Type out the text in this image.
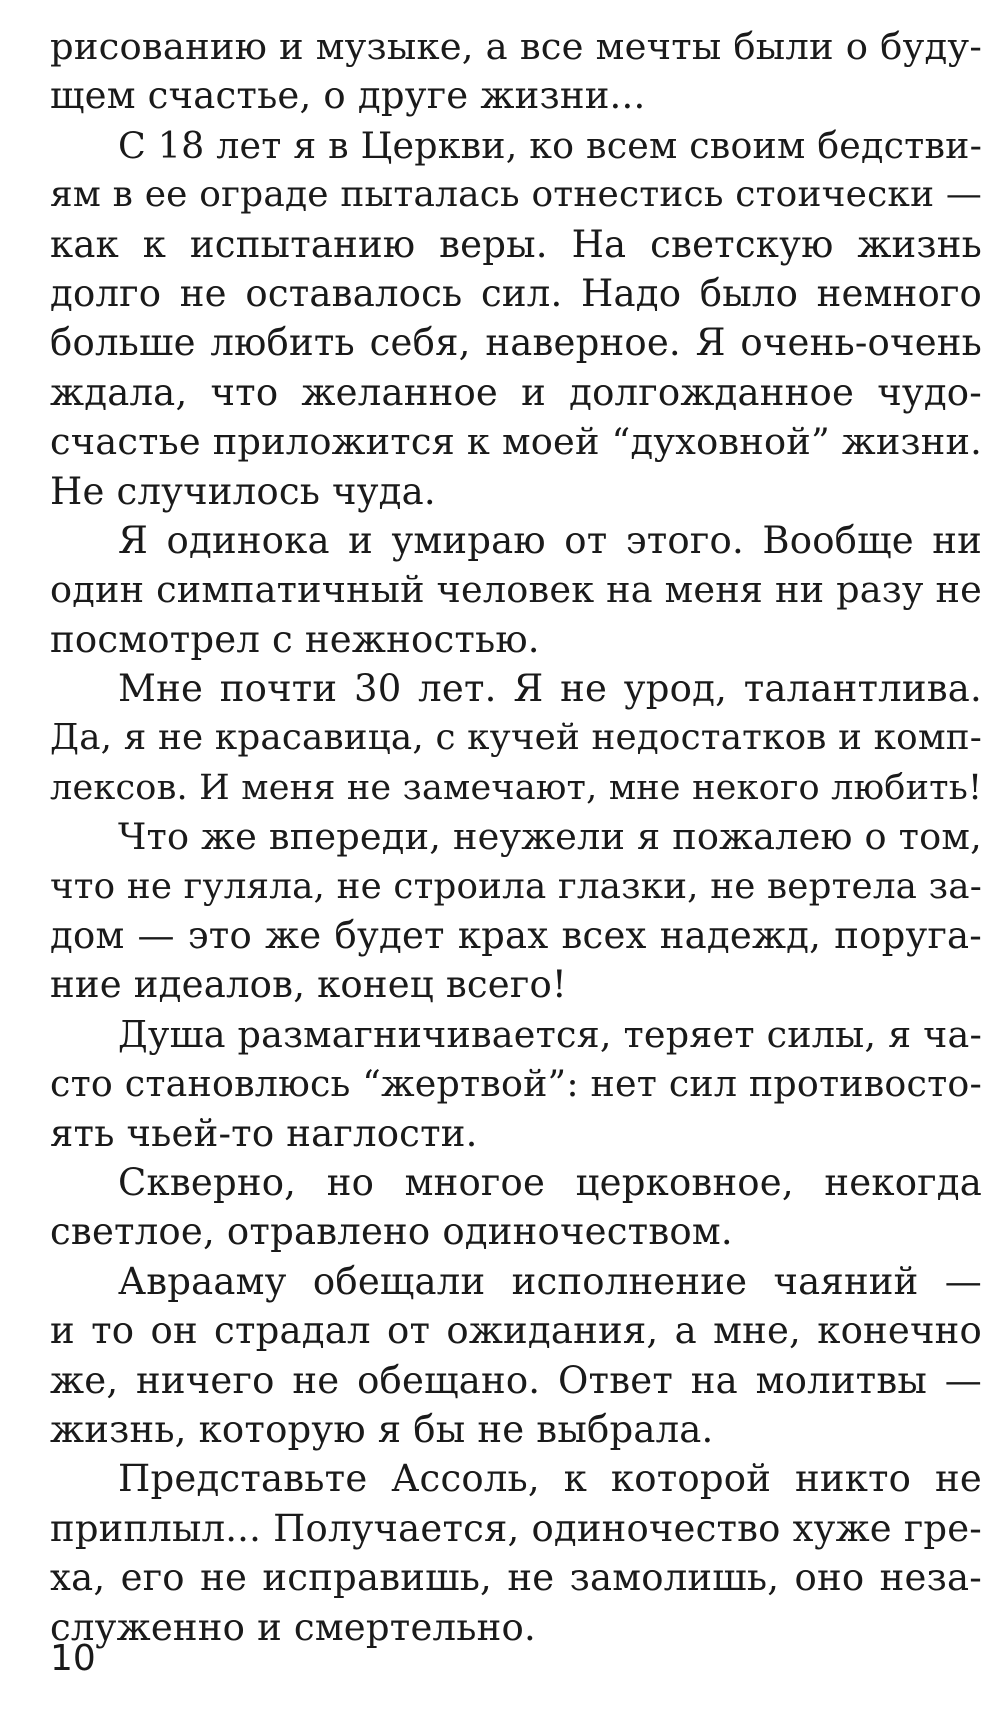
рисованию и музыке, а все мечты были о буду-
щем счастье, о друге жизни...
С 18 лет я в Церкви, ко всем своим бедстви-
ям в ее ограде пыталась отнестись стоически —
как к испытанию веры. На светскую жизнь
долго не оставалось сил. Надо было немного
больше любить себя, наверное. Я очень-очень
ждала, что желанное и долгожданное чудо-
счастье приложится к моей “духовной” жизни.
Не случилось чуда.
Я одинока и умираю от этого. Вообще ни
один симпатичный человек на меня ни разу не
посмотрел с нежностью.
Мне почти 30 лет. Я не урод, талантлива.
Да, я не красавица, с кучей недостатков и комп-
лексов. И меня не замечают, мне некого любить!
Что же впереди, неужели я пожалею о том,
что не гуляла, не строила глазки, не вертела за-
дом — это же будет крах всех надежд, поруга-
ние идеалов, конец всего!
Душа размагничивается, теряет силы, я ча-
сто становлюсь “жертвой”: нет сил противосто-
ять чьей-то наглости.
Скверно, но многое церковное, некогда
светлое, отравлено одиночеством.
Аврааму обещали исполнение чаяний —
и то он страдал от ожидания, а мне, конечно
же, ничего не обещано. Ответ на молитвы —
жизнь, которую я бы не выбрала.
Представьте Ассоль, к которой никто не
приплыл... Получается, одиночество хуже гре-
ха, его не исправишь, не замолишь, оно неза-
служенно и смертельно.
10
